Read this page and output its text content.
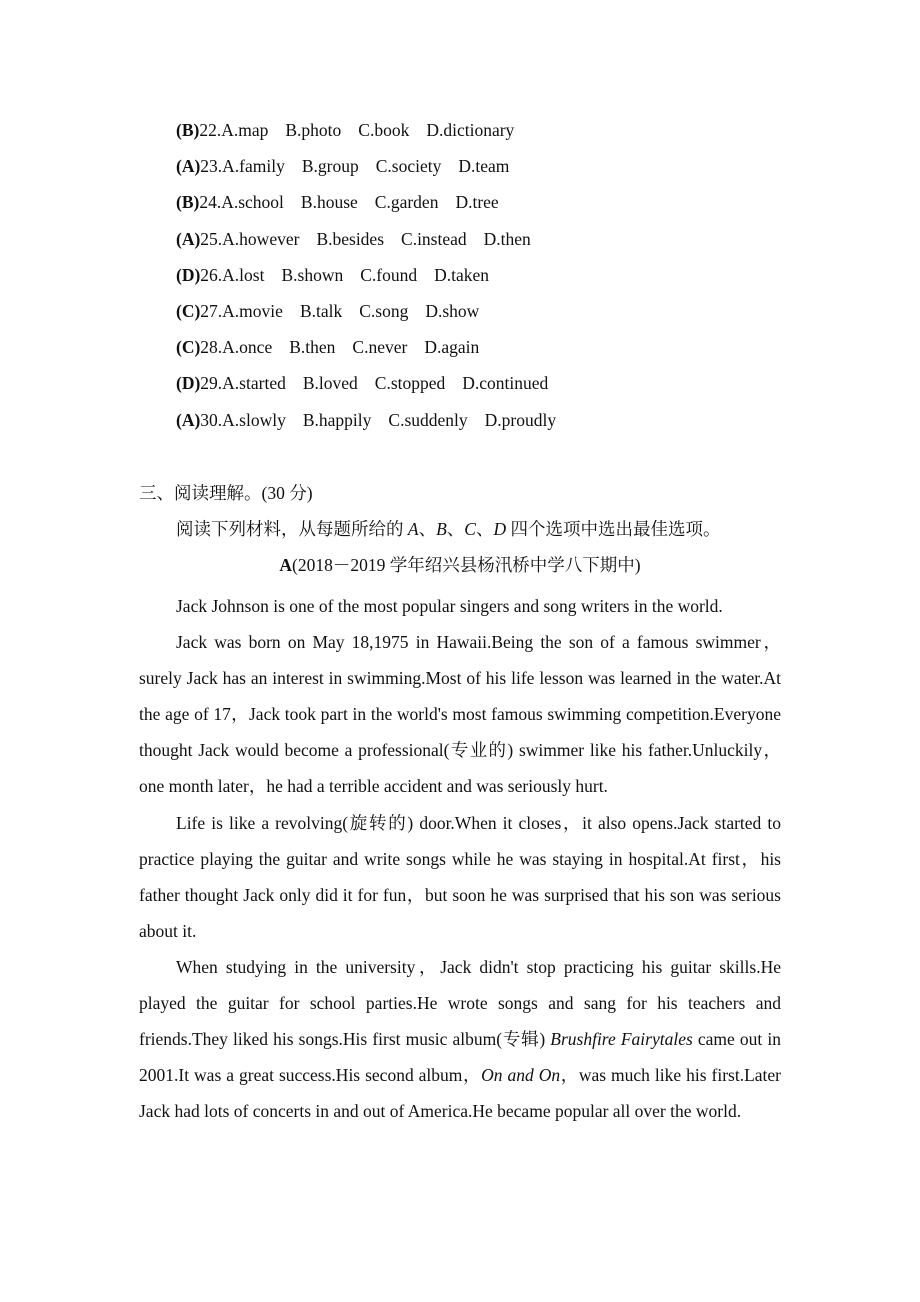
(B)22.A.map B.photo C.book D.dictionary
(A)23.A.family B.group C.society D.team
(B)24.A.school B.house C.garden D.tree
(A)25.A.however B.besides C.instead D.then
(D)26.A.lost B.shown C.found D.taken
(C)27.A.movie B.talk C.song D.show
(C)28.A.once B.then C.never D.again
(D)29.A.started B.loved C.stopped D.continued
(A)30.A.slowly B.happily C.suddenly D.proudly
三、阅读理解。(30 分)
阅读下列材料，从每题所给的 A、B、C、D 四个选项中选出最佳选项。
A(2018－2019 学年绍兴县杨汛桥中学八下期中)

Jack Johnson is one of the most popular singers and song writers in the world.

Jack was born on May 18,1975 in Hawaii.Being the son of a famous swimmer，surely Jack has an interest in swimming.Most of his life lesson was learned in the water.At the age of 17，Jack took part in the world's most famous swimming competition.Everyone thought Jack would become a professional(专业的) swimmer like his father.Unluckily，one month later，he had a terrible accident and was seriously hurt.

Life is like a revolving(旋转的) door.When it closes，it also opens.Jack started to practice playing the guitar and write songs while he was staying in hospital.At first，his father thought Jack only did it for fun，but soon he was surprised that his son was serious about it.

When studying in the university，Jack didn't stop practicing his guitar skills.He played the guitar for school parties.He wrote songs and sang for his teachers and friends.They liked his songs.His first music album(专辑) Brushfire Fairytales came out in 2001.It was a great success.His second album，On and On，was much like his first.Later Jack had lots of concerts in and out of America.He became popular all over the world.
